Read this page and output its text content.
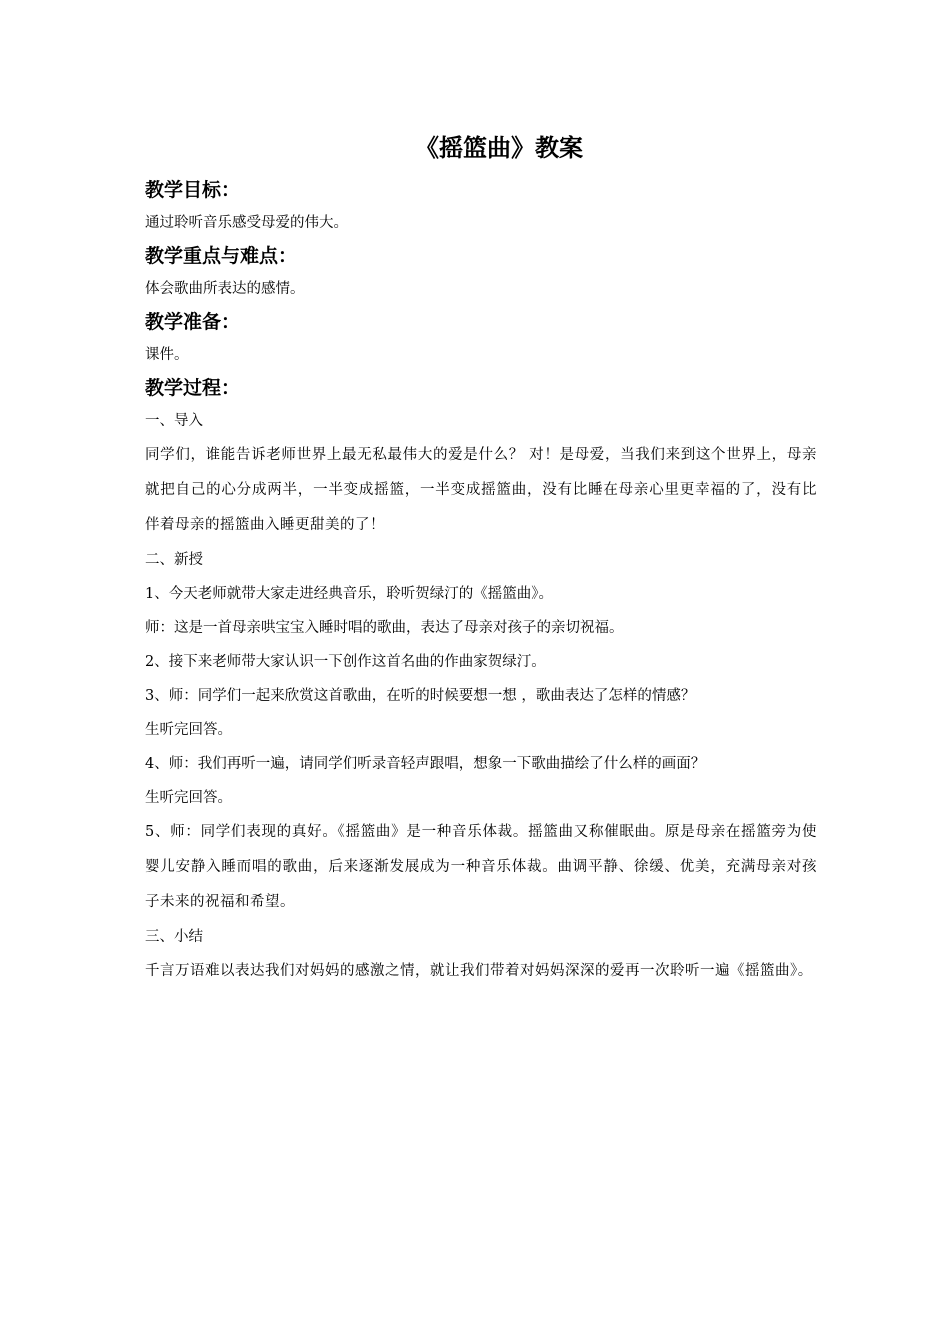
《摇篮曲》教案
教学目标：

通过聆听音乐感受母爱的伟大。

教学重点与难点：

体会歌曲所表达的感情。

教学准备：

课件。

教学过程：

一、导入

同学们，谁能告诉老师世界上最无私最伟大的爱是什么？ 对！是母爱，当我们来到这个世界上，母亲就把自己的心分成两半，一半变成摇篮，一半变成摇篮曲，没有比睡在母亲心里更幸福的了，没有比伴着母亲的摇篮曲入睡更甜美的了！

二、新授

1、今天老师就带大家走进经典音乐，聆听贺绿汀的《摇篮曲》。

师：这是一首母亲哄宝宝入睡时唱的歌曲，表达了母亲对孩子的亲切祝福。

2、接下来老师带大家认识一下创作这首名曲的作曲家贺绿汀。

3、师：同学们一起来欣赏这首歌曲，在听的时候要想一想 ，歌曲表达了怎样的情感？

生听完回答。

4、师：我们再听一遍，请同学们听录音轻声跟唱，想象一下歌曲描绘了什么样的画面？

生听完回答。

5、师：同学们表现的真好。《摇篮曲》是一种音乐体裁。摇篮曲又称催眠曲。原是母亲在摇篮旁为使婴儿安静入睡而唱的歌曲，后来逐渐发展成为一种音乐体裁。曲调平静、徐缓、优美，充满母亲对孩子未来的祝福和希望。

三、小结

千言万语难以表达我们对妈妈的感激之情，就让我们带着对妈妈深深的爱再一次聆听一遍《摇篮曲》。
